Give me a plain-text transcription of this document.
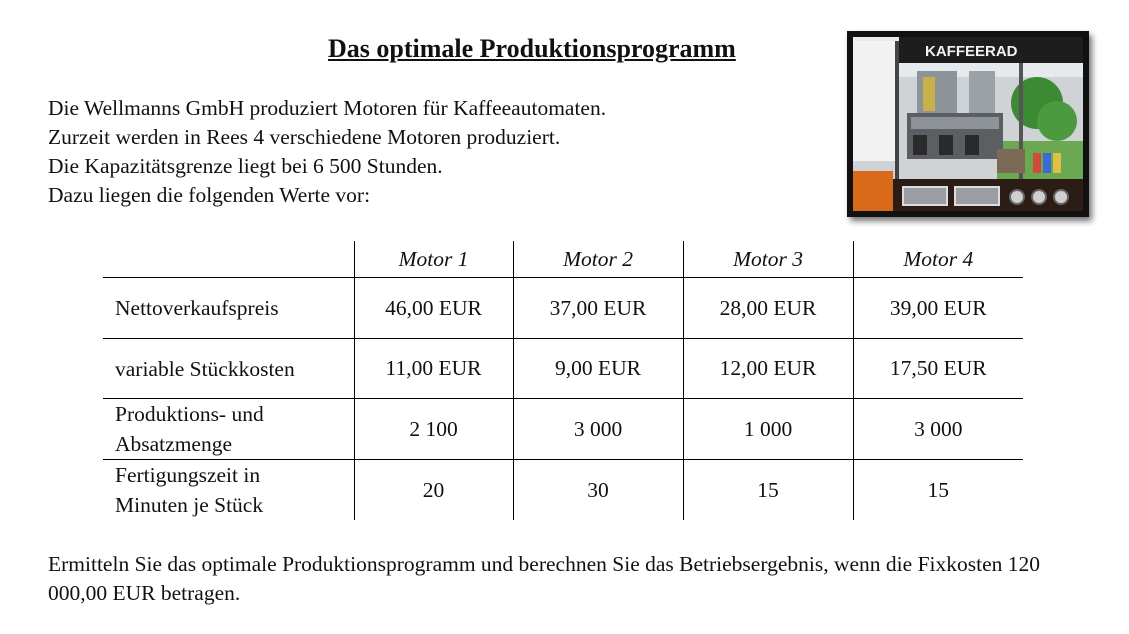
Das optimale Produktionsprogramm
Die Wellmanns GmbH produziert Motoren für Kaffeeautomaten.
Zurzeit werden in Rees 4 verschiedene Motoren produziert.
Die Kapazitätsgrenze liegt bei 6 500 Stunden.
Dazu liegen die folgenden Werte vor:
KAFFEERAD
	Motor 1	Motor 2	Motor 3	Motor 4
Nettoverkaufspreis	46,00 EUR	37,00 EUR	28,00 EUR	39,00 EUR
variable Stückkosten	11,00 EUR	9,00 EUR	12,00 EUR	17,50 EUR

Produktions- und
Absatzmenge	2 100	3 000	1 000	3 000

Fertigungszeit in
Minuten je Stück	20	30	15	15
Ermitteln Sie das optimale Produktionsprogramm und berechnen Sie das Betriebsergebnis, wenn die Fixkosten 120 000,00 EUR betragen.
